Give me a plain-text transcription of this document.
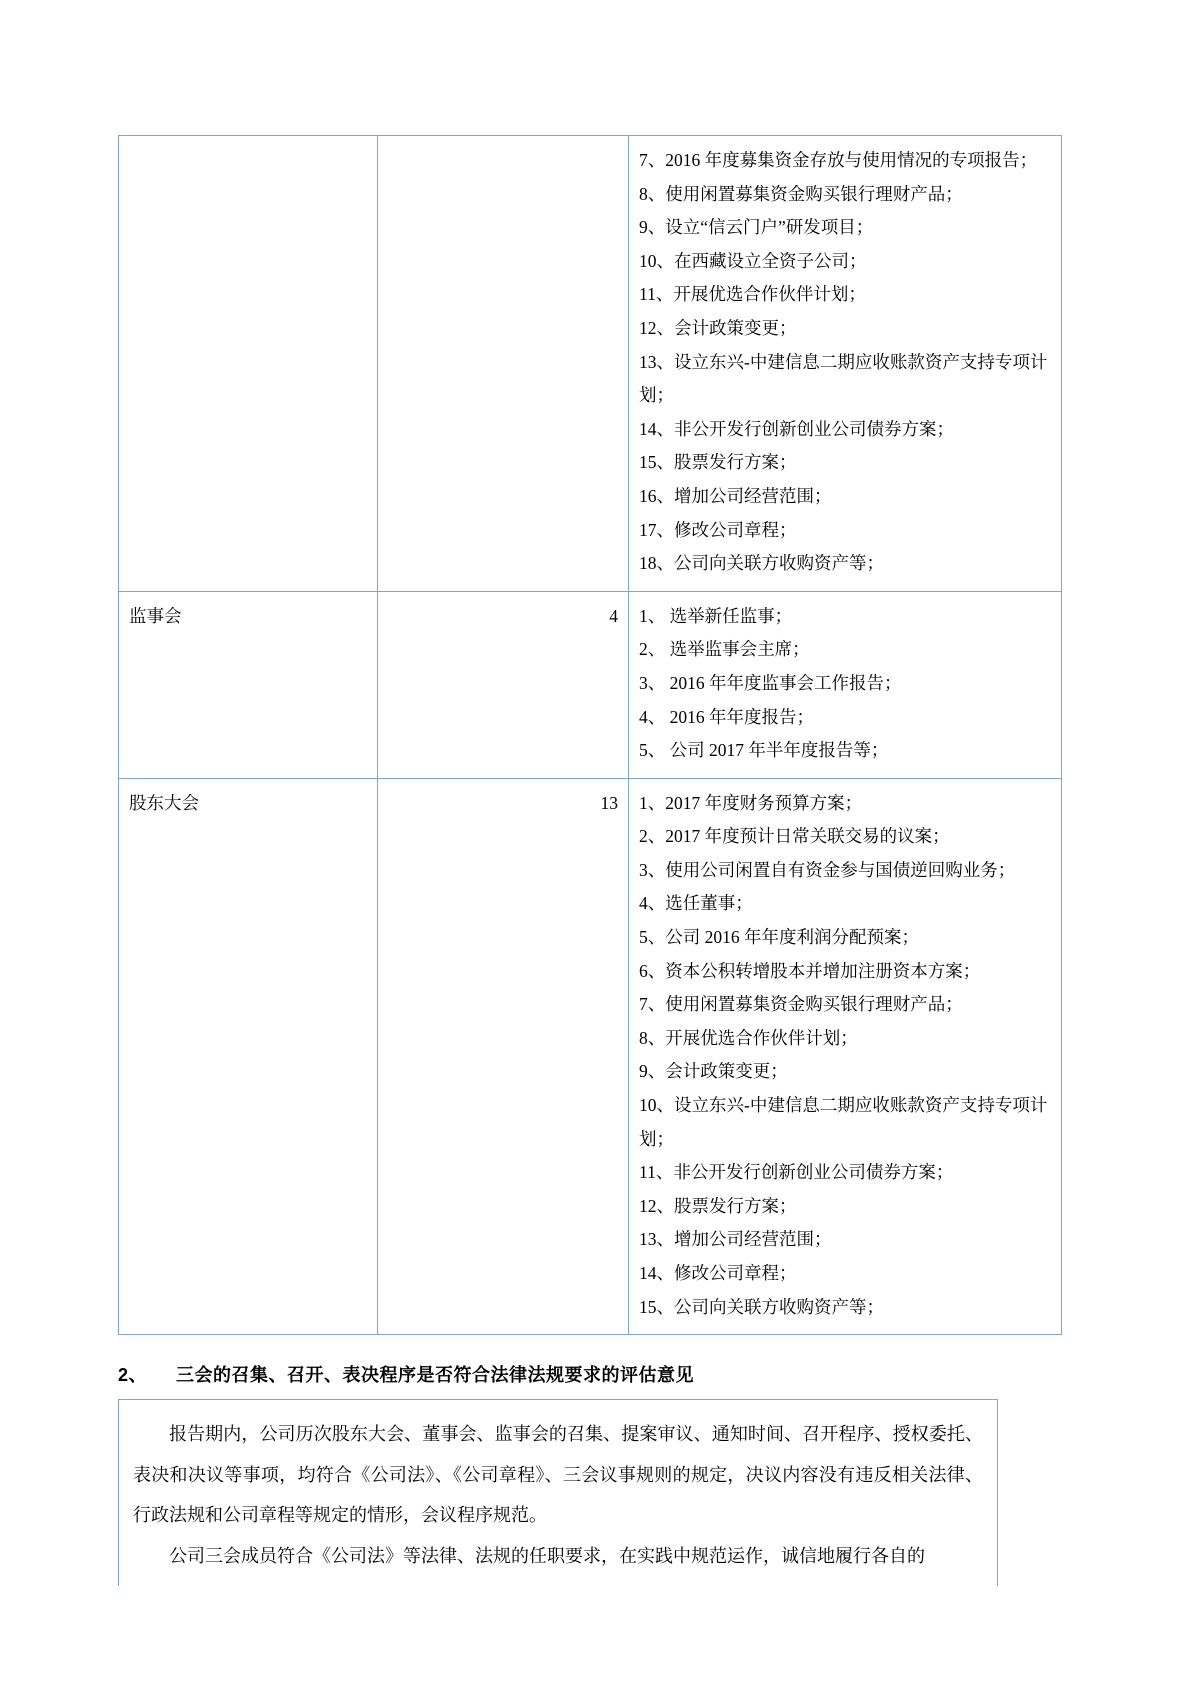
7、2016 年度募集资金存放与使用情况的专项报告；
8、使用闲置募集资金购买银行理财产品；
9、设立“信云门户”研发项目；
10、在西藏设立全资子公司；
11、开展优选合作伙伴计划；
12、会计政策变更；
13、设立东兴-中建信息二期应收账款资产支持专项计划；
14、非公开发行创新创业公司债券方案；
15、股票发行方案；
16、增加公司经营范围；
17、修改公司章程；
18、公司向关联方收购资产等；

监事会	4	1、 选举新任监事；
2、 选举监事会主席；
3、 2016 年年度监事会工作报告；
4、 2016 年年度报告；
5、 公司 2017 年半年度报告等；

股东大会	13	1、2017 年度财务预算方案；
2、2017 年度预计日常关联交易的议案；
3、使用公司闲置自有资金参与国债逆回购业务；
4、选任董事；
5、公司 2016 年年度利润分配预案；
6、资本公积转增股本并增加注册资本方案；
7、使用闲置募集资金购买银行理财产品；
8、开展优选合作伙伴计划；
9、会计政策变更；
10、设立东兴-中建信息二期应收账款资产支持专项计划；
11、非公开发行创新创业公司债券方案；
12、股票发行方案；
13、增加公司经营范围；
14、修改公司章程；
15、公司向关联方收购资产等；
2、 三会的召集、召开、表决程序是否符合法律法规要求的评估意见

报告期内，公司历次股东大会、董事会、监事会的召集、提案审议、通知时间、召开程序、授权委托、表决和决议等事项，均符合《公司法》、《公司章程》、三会议事规则的规定，决议内容没有违反相关法律、行政法规和公司章程等规定的情形，会议程序规范。

公司三会成员符合《公司法》等法律、法规的任职要求，在实践中规范运作，诚信地履行各自的
